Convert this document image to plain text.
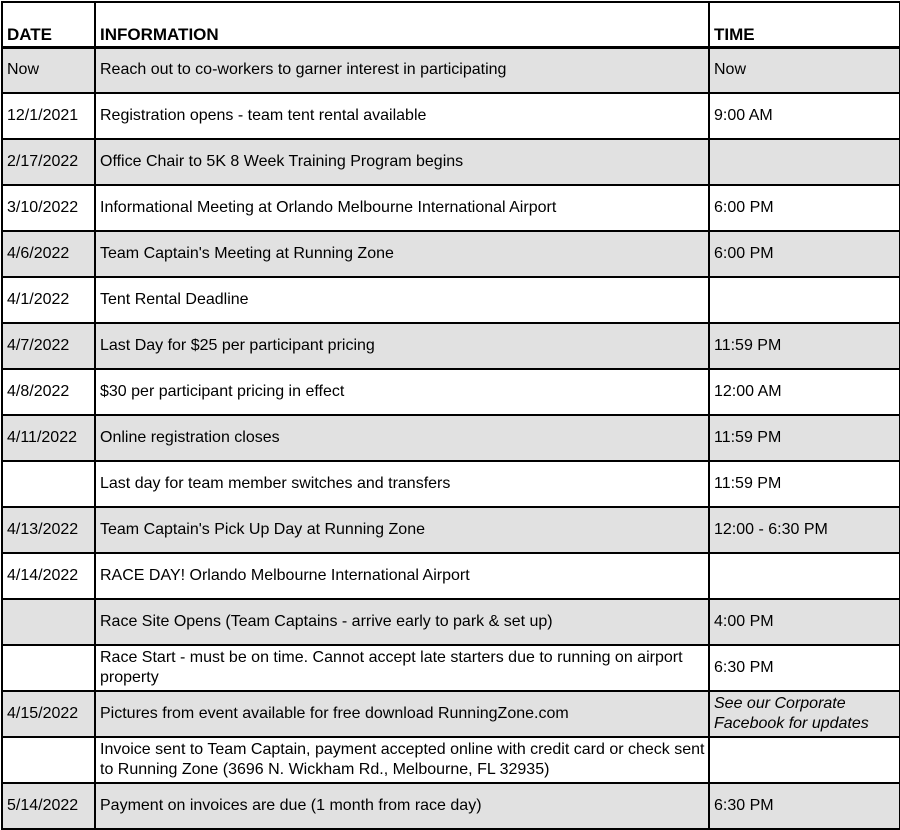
DATE	INFORMATION	TIME
Now	Reach out to co-workers to garner interest in participating	Now
12/1/2021	Registration opens - team tent rental available	9:00 AM
2/17/2022	Office Chair to 5K 8 Week Training Program begins	
3/10/2022	Informational Meeting at Orlando Melbourne International Airport	6:00 PM
4/6/2022	Team Captain's Meeting at Running Zone	6:00 PM
4/1/2022	Tent Rental Deadline	
4/7/2022	Last Day for $25 per participant pricing	11:59 PM
4/8/2022	$30 per participant pricing in effect	12:00 AM
4/11/2022	Online registration closes	11:59 PM
	Last day for team member switches and transfers	11:59 PM
4/13/2022	Team Captain's Pick Up Day at Running Zone	12:00 - 6:30 PM
4/14/2022	RACE DAY! Orlando Melbourne International Airport	
	Race Site Opens (Team Captains - arrive early to park & set up)	4:00 PM
	Race Start - must be on time. Cannot accept late starters due to running on airport property	6:30 PM
4/15/2022	Pictures from event available for free download RunningZone.com	See our Corporate Facebook for updates
	Invoice sent to Team Captain, payment accepted online with credit card or check sent to Running Zone (3696 N. Wickham Rd., Melbourne, FL 32935)	
5/14/2022	Payment on invoices are due (1 month from race day)	6:30 PM
